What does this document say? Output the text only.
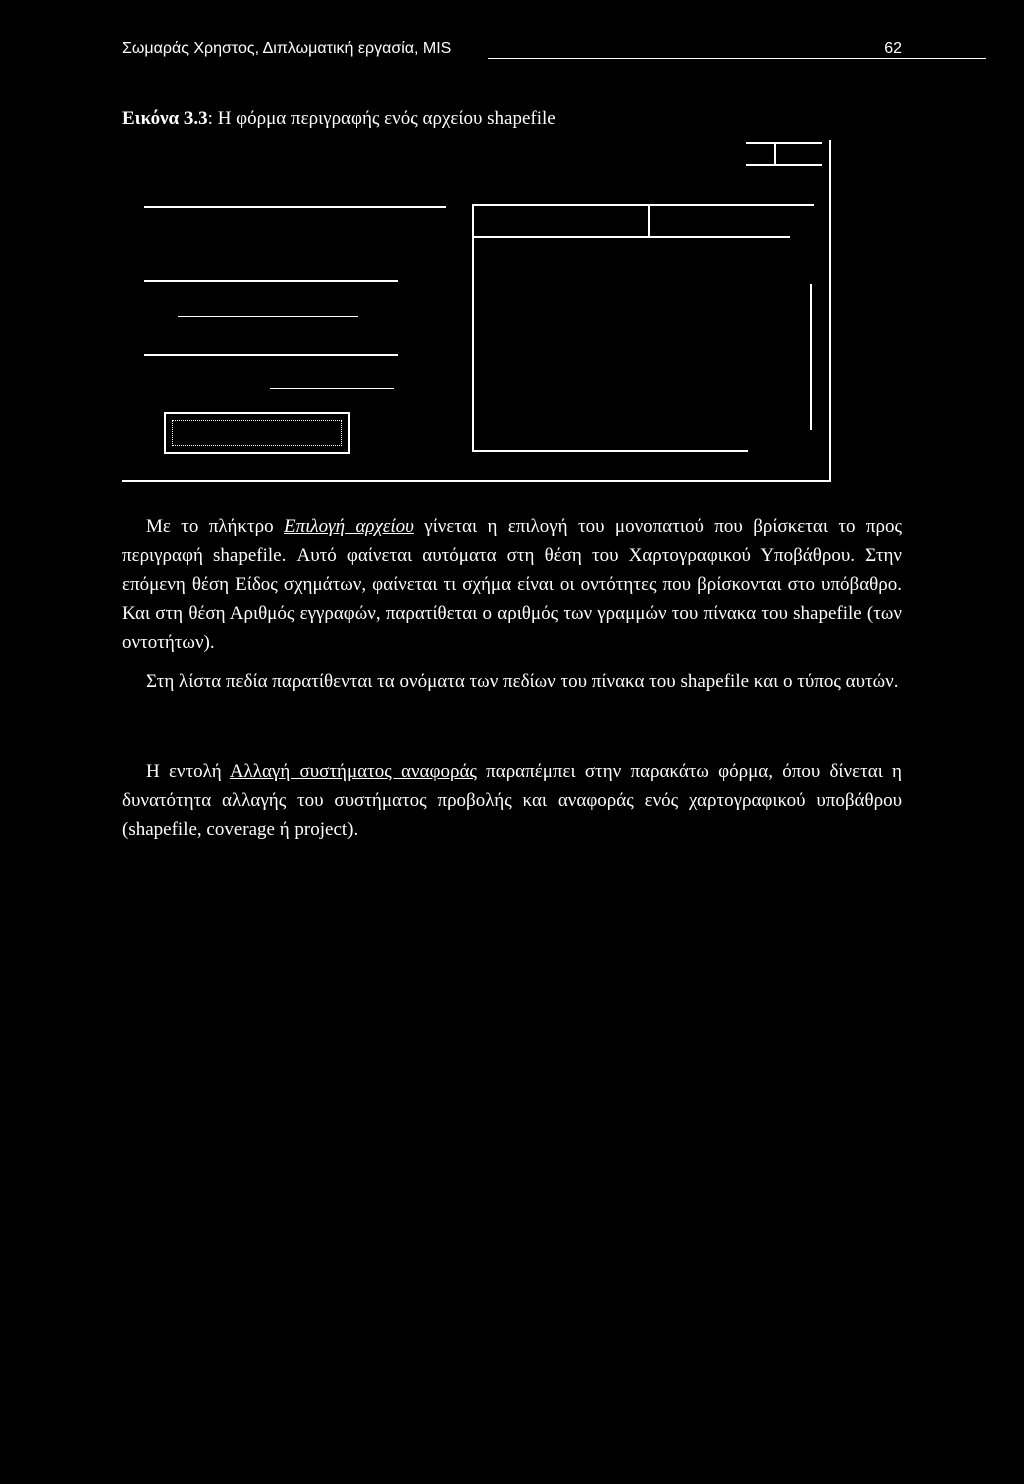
Σωμαράς Χρηστος, Διπλωματική εργασία, MIS	62
Εικόνα 3.3: Η φόρμα περιγραφής ενός αρχείου shapefile

Με το πλήκτρο Επιλογή αρχείου γίνεται η επιλογή του μονοπατιού που βρίσκεται το προς περιγραφή shapefile. Αυτό φαίνεται αυτόματα στη θέση του Χαρτογραφικού Υποβάθρου. Στην επόμενη θέση Είδος σχημάτων, φαίνεται τι σχήμα είναι οι οντότητες που βρίσκονται στο υπόβαθρο. Και στη θέση Αριθμός εγγραφών, παρατίθεται ο αριθμός των γραμμών του πίνακα του shapefile (των οντοτήτων).

Στη λίστα πεδία παρατίθενται τα ονόματα των πεδίων του πίνακα του shapefile και ο τύπος αυτών.

Η εντολή Αλλαγή συστήματος αναφοράς παραπέμπει στην παρακάτω φόρμα, όπου δίνεται η δυνατότητα αλλαγής του συστήματος προβολής και αναφοράς ενός χαρτογραφικού υποβάθρου (shapefile, coverage ή project).
